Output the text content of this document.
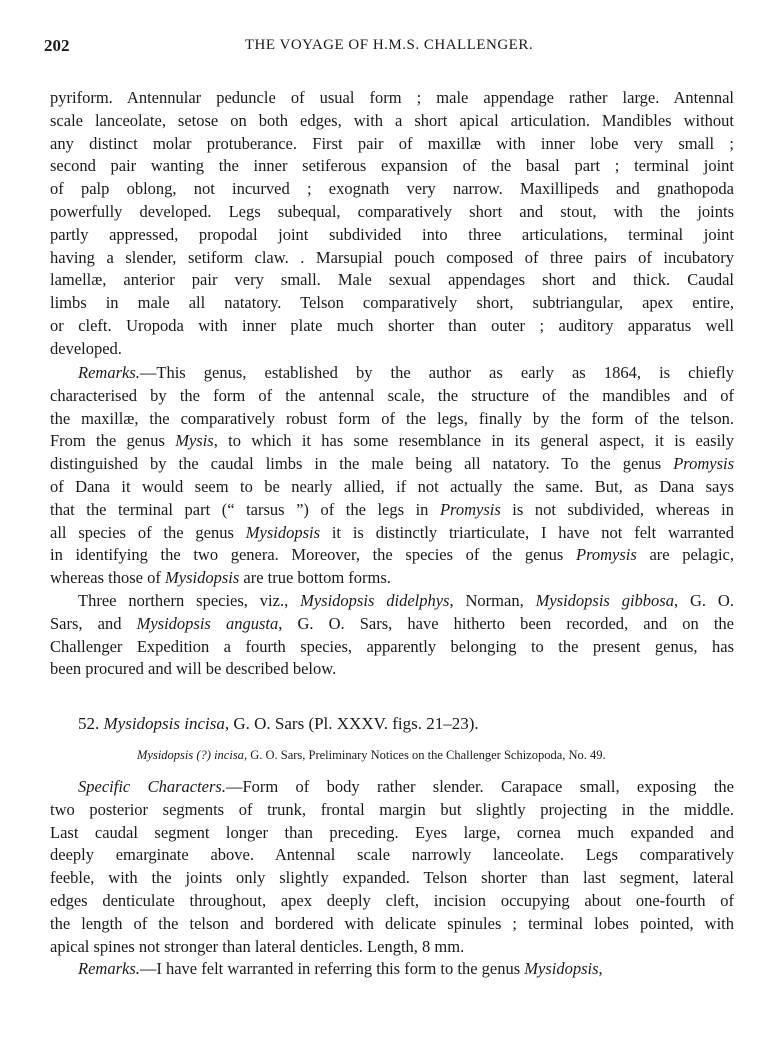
202	THE VOYAGE OF H.M.S. CHALLENGER.
pyriform. Antennular peduncle of usual form ; male appendage rather large. Antennal
scale lanceolate, setose on both edges, with a short apical articulation. Mandibles without
any distinct molar protuberance. First pair of maxillæ with inner lobe very small ;
second pair wanting the inner setiferous expansion of the basal part ; terminal joint
of palp oblong, not incurved ; exognath very narrow. Maxillipeds and gnathopoda
powerfully developed. Legs subequal, comparatively short and stout, with the joints
partly appressed, propodal joint subdivided into three articulations, terminal joint
having a slender, setiform claw. . Marsupial pouch composed of three pairs of incubatory
lamellæ, anterior pair very small. Male sexual appendages short and thick. Caudal
limbs in male all natatory. Telson comparatively short, subtriangular, apex entire,
or cleft. Uropoda with inner plate much shorter than outer ; auditory apparatus well
developed.
Remarks.—This genus, established by the author as early as 1864, is chiefly
characterised by the form of the antennal scale, the structure of the mandibles and of
the maxillæ, the comparatively robust form of the legs, finally by the form of the telson.
From the genus Mysis, to which it has some resemblance in its general aspect, it is easily
distinguished by the caudal limbs in the male being all natatory. To the genus Promysis
of Dana it would seem to be nearly allied, if not actually the same. But, as Dana says
that the terminal part (“ tarsus ”) of the legs in Promysis is not subdivided, whereas in
all species of the genus Mysidopsis it is distinctly triarticulate, I have not felt warranted
in identifying the two genera. Moreover, the species of the genus Promysis are pelagic,
whereas those of Mysidopsis are true bottom forms.
Three northern species, viz., Mysidopsis didelphys, Norman, Mysidopsis gibbosa, G. O.
Sars, and Mysidopsis angusta, G. O. Sars, have hitherto been recorded, and on the
Challenger Expedition a fourth species, apparently belonging to the present genus, has
been procured and will be described below.
52. Mysidopsis incisa, G. O. Sars (Pl. XXXV. figs. 21–23).
Mysidopsis (?) incisa, G. O. Sars, Preliminary Notices on the Challenger Schizopoda, No. 49.
Specific Characters.—Form of body rather slender. Carapace small, exposing the
two posterior segments of trunk, frontal margin but slightly projecting in the middle.
Last caudal segment longer than preceding. Eyes large, cornea much expanded and
deeply emarginate above. Antennal scale narrowly lanceolate. Legs comparatively
feeble, with the joints only slightly expanded. Telson shorter than last segment, lateral
edges denticulate throughout, apex deeply cleft, incision occupying about one-fourth of
the length of the telson and bordered with delicate spinules ; terminal lobes pointed, with
apical spines not stronger than lateral denticles. Length, 8 mm.
Remarks.—I have felt warranted in referring this form to the genus Mysidopsis,
